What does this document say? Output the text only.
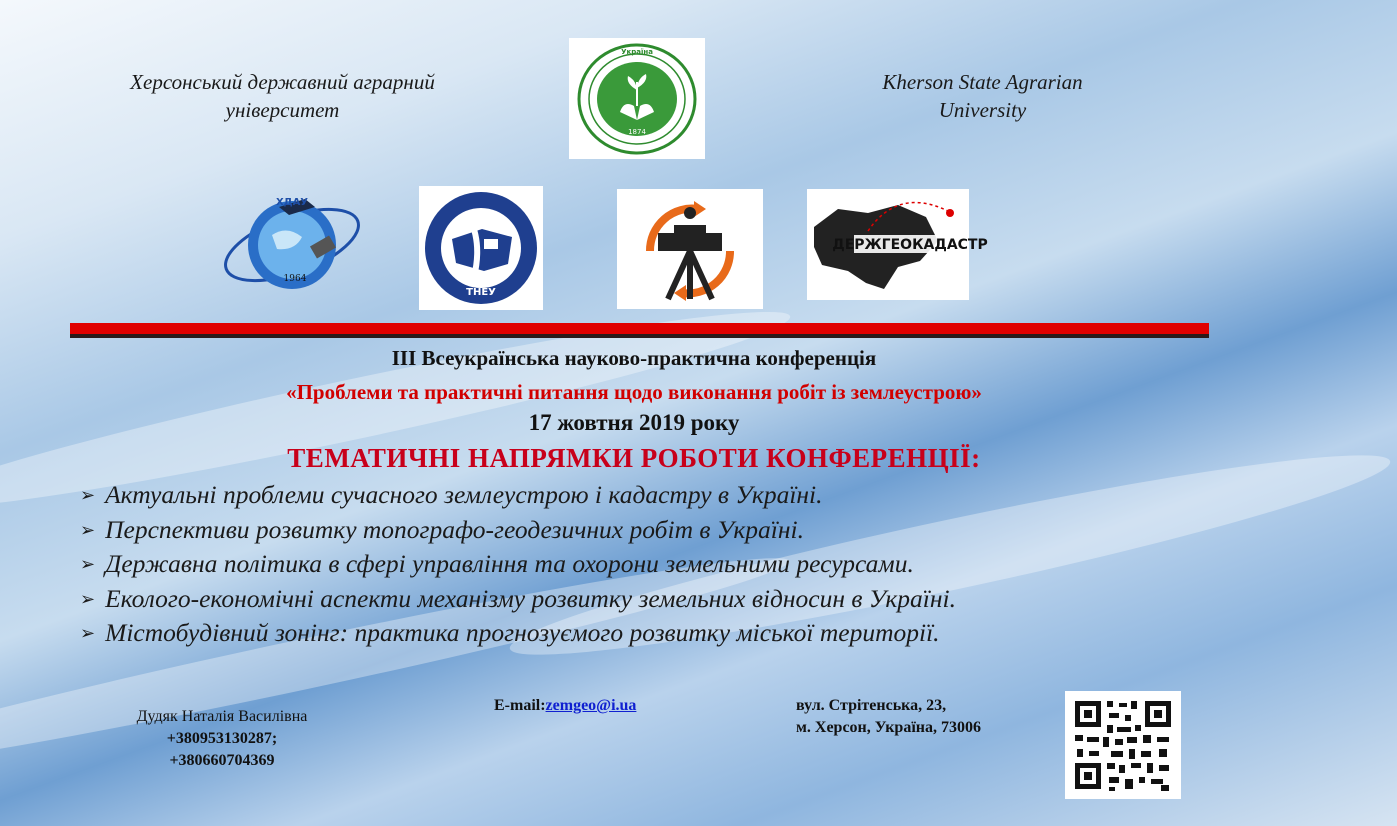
Херсонський державний аграрний університет
Kherson State Agrarian University
1874
Україна
ХДАУ
1964
ТНЕУ
ДЕРЖГЕОКАДАСТР
ІІІ Всеукраїнська науково-практична конференція
«Проблеми та практичні питання щодо виконання робіт із землеустрою»
17 жовтня 2019 року
ТЕМАТИЧНІ НАПРЯМКИ РОБОТИ КОНФЕРЕНЦІЇ:
➢ Актуальні проблеми сучасного землеустрою і кадастру в Україні.
➢ Перспективи розвитку топографо-геодезичних робіт в Україні.
➢ Державна політика в сфері управління та охорони земельними ресурсами.
➢ Еколого-економічні аспекти механізму розвитку земельних відносин в Україні.
➢ Містобудівний зонінг: практика прогнозуємого розвитку міської території.
Дудяк Наталія Василівна
+380953130287;
+380660704369
E-mail:zemgeo@i.ua	вул. Стрітенська, 23,
м. Херсон, Україна, 73006
